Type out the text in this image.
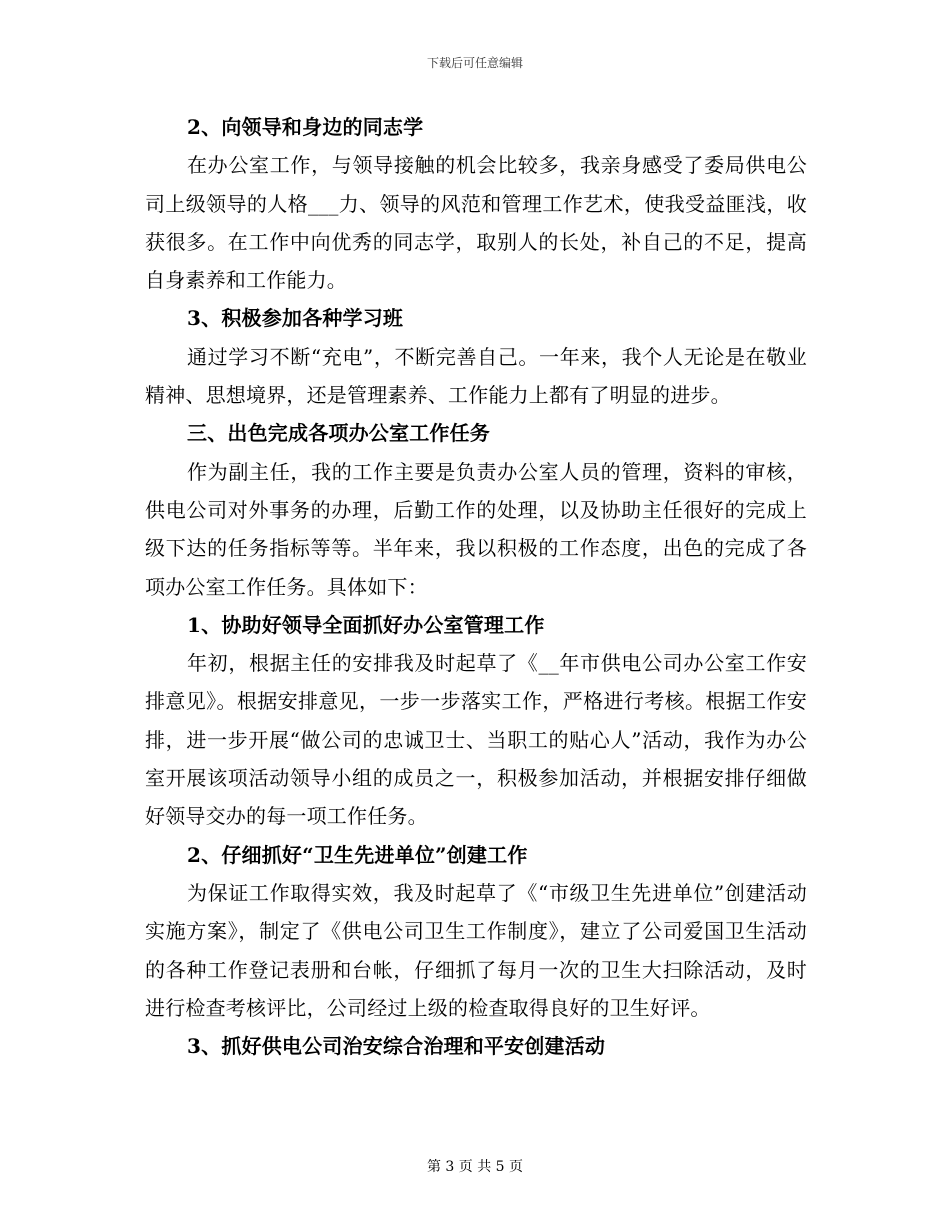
下载后可任意编辑

2、向领导和身边的同志学

在办公室工作，与领导接触的机会比较多，我亲身感受了委局供电公司上级领导的人格___力、领导的风范和管理工作艺术，使我受益匪浅，收获很多。在工作中向优秀的同志学，取别人的长处，补自己的不足，提高自身素养和工作能力。

3、积极参加各种学习班

通过学习不断“充电”，不断完善自己。一年来，我个人无论是在敬业精神、思想境界，还是管理素养、工作能力上都有了明显的进步。

三、出色完成各项办公室工作任务

作为副主任，我的工作主要是负责办公室人员的管理，资料的审核，供电公司对外事务的办理，后勤工作的处理，以及协助主任很好的完成上级下达的任务指标等等。半年来，我以积极的工作态度，出色的完成了各项办公室工作任务。具体如下：

1、协助好领导全面抓好办公室管理工作

年初，根据主任的安排我及时起草了《__年市供电公司办公室工作安排意见》。根据安排意见，一步一步落实工作，严格进行考核。根据工作安排，进一步开展“做公司的忠诚卫士、当职工的贴心人”活动，我作为办公室开展该项活动领导小组的成员之一，积极参加活动，并根据安排仔细做好领导交办的每一项工作任务。

2、仔细抓好“卫生先进单位”创建工作

为保证工作取得实效，我及时起草了《“市级卫生先进单位”创建活动实施方案》，制定了《供电公司卫生工作制度》，建立了公司爱国卫生活动的各种工作登记表册和台帐，仔细抓了每月一次的卫生大扫除活动，及时进行检查考核评比，公司经过上级的检查取得良好的卫生好评。

3、抓好供电公司治安综合治理和平安创建活动

第 3 页 共 5 页
